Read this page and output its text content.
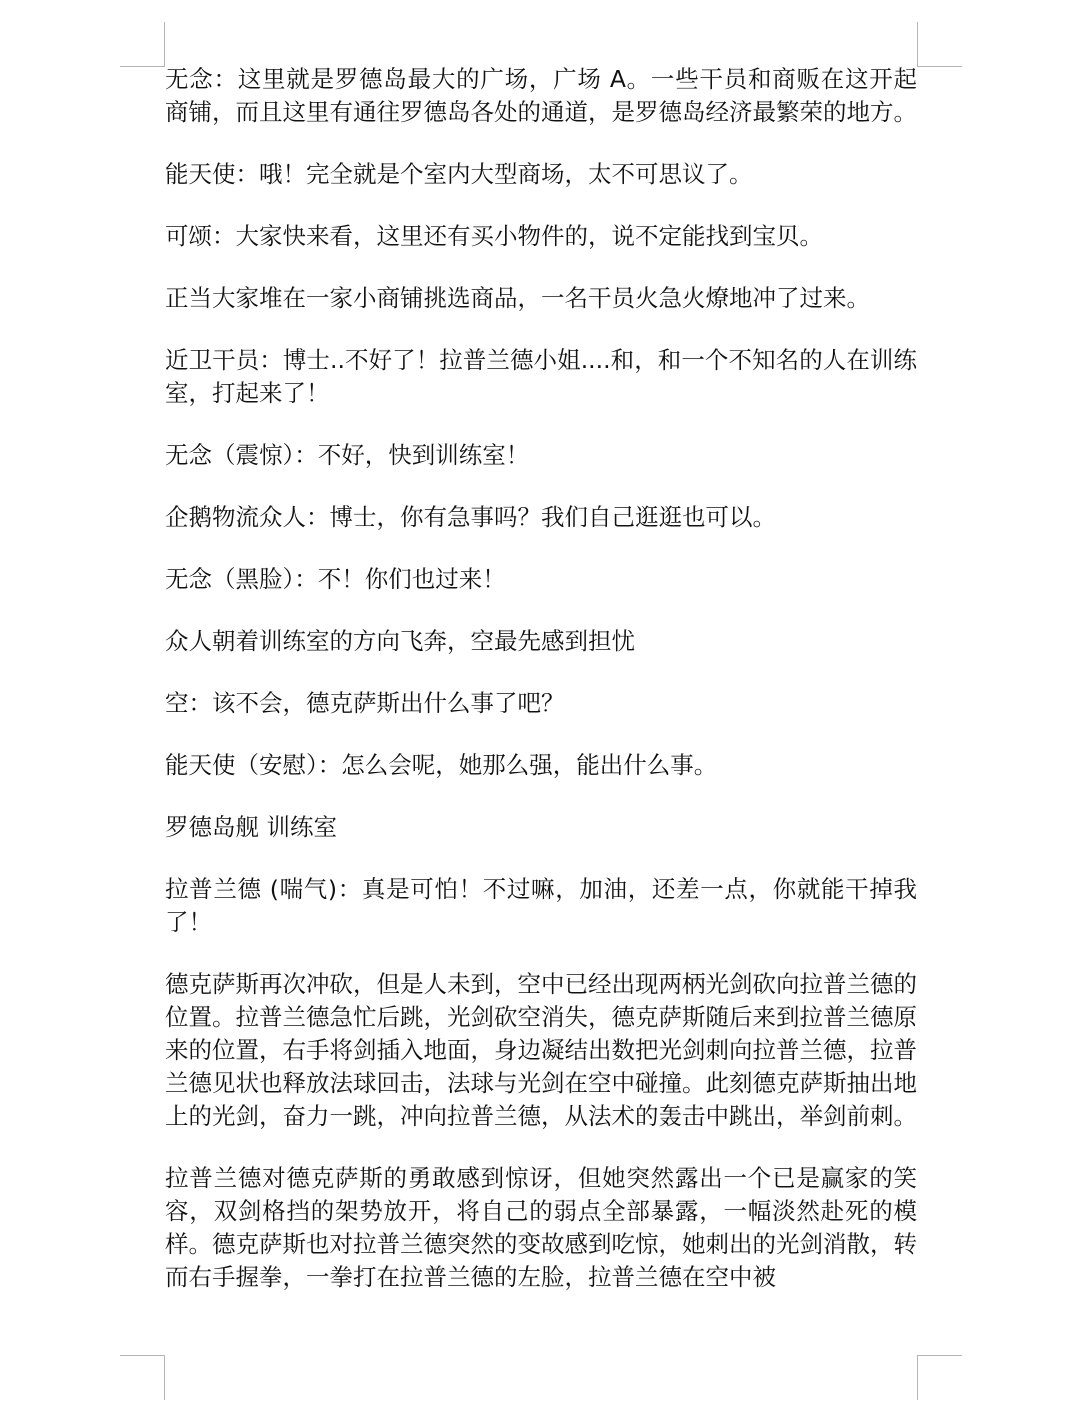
无念：这里就是罗德岛最大的广场，广场 A。一些干员和商贩在这开起商铺，而且这里有通往罗德岛各处的通道，是罗德岛经济最繁荣的地方。

能天使：哦！完全就是个室内大型商场，太不可思议了。

可颂：大家快来看，这里还有买小物件的，说不定能找到宝贝。

正当大家堆在一家小商铺挑选商品，一名干员火急火燎地冲了过来。

近卫干员：博士..不好了！拉普兰德小姐....和，和一个不知名的人在训练室，打起来了！

无念（震惊）：不好，快到训练室！

企鹅物流众人：博士，你有急事吗？我们自己逛逛也可以。

无念（黑脸）：不！你们也过来！

众人朝着训练室的方向飞奔，空最先感到担忧

空：该不会，德克萨斯出什么事了吧？

能天使（安慰）：怎么会呢，她那么强，能出什么事。

罗德岛舰 训练室

拉普兰德 (喘气)：真是可怕！不过嘛，加油，还差一点，你就能干掉我了！

德克萨斯再次冲砍，但是人未到，空中已经出现两柄光剑砍向拉普兰德的位置。拉普兰德急忙后跳，光剑砍空消失，德克萨斯随后来到拉普兰德原来的位置，右手将剑插入地面，身边凝结出数把光剑刺向拉普兰德，拉普兰德见状也释放法球回击，法球与光剑在空中碰撞。此刻德克萨斯抽出地上的光剑，奋力一跳，冲向拉普兰德，从法术的轰击中跳出，举剑前刺。

拉普兰德对德克萨斯的勇敢感到惊讶，但她突然露出一个已是赢家的笑容，双剑格挡的架势放开，将自己的弱点全部暴露，一幅淡然赴死的模样。德克萨斯也对拉普兰德突然的变故感到吃惊，她刺出的光剑消散，转而右手握拳，一拳打在拉普兰德的左脸，拉普兰德在空中被
